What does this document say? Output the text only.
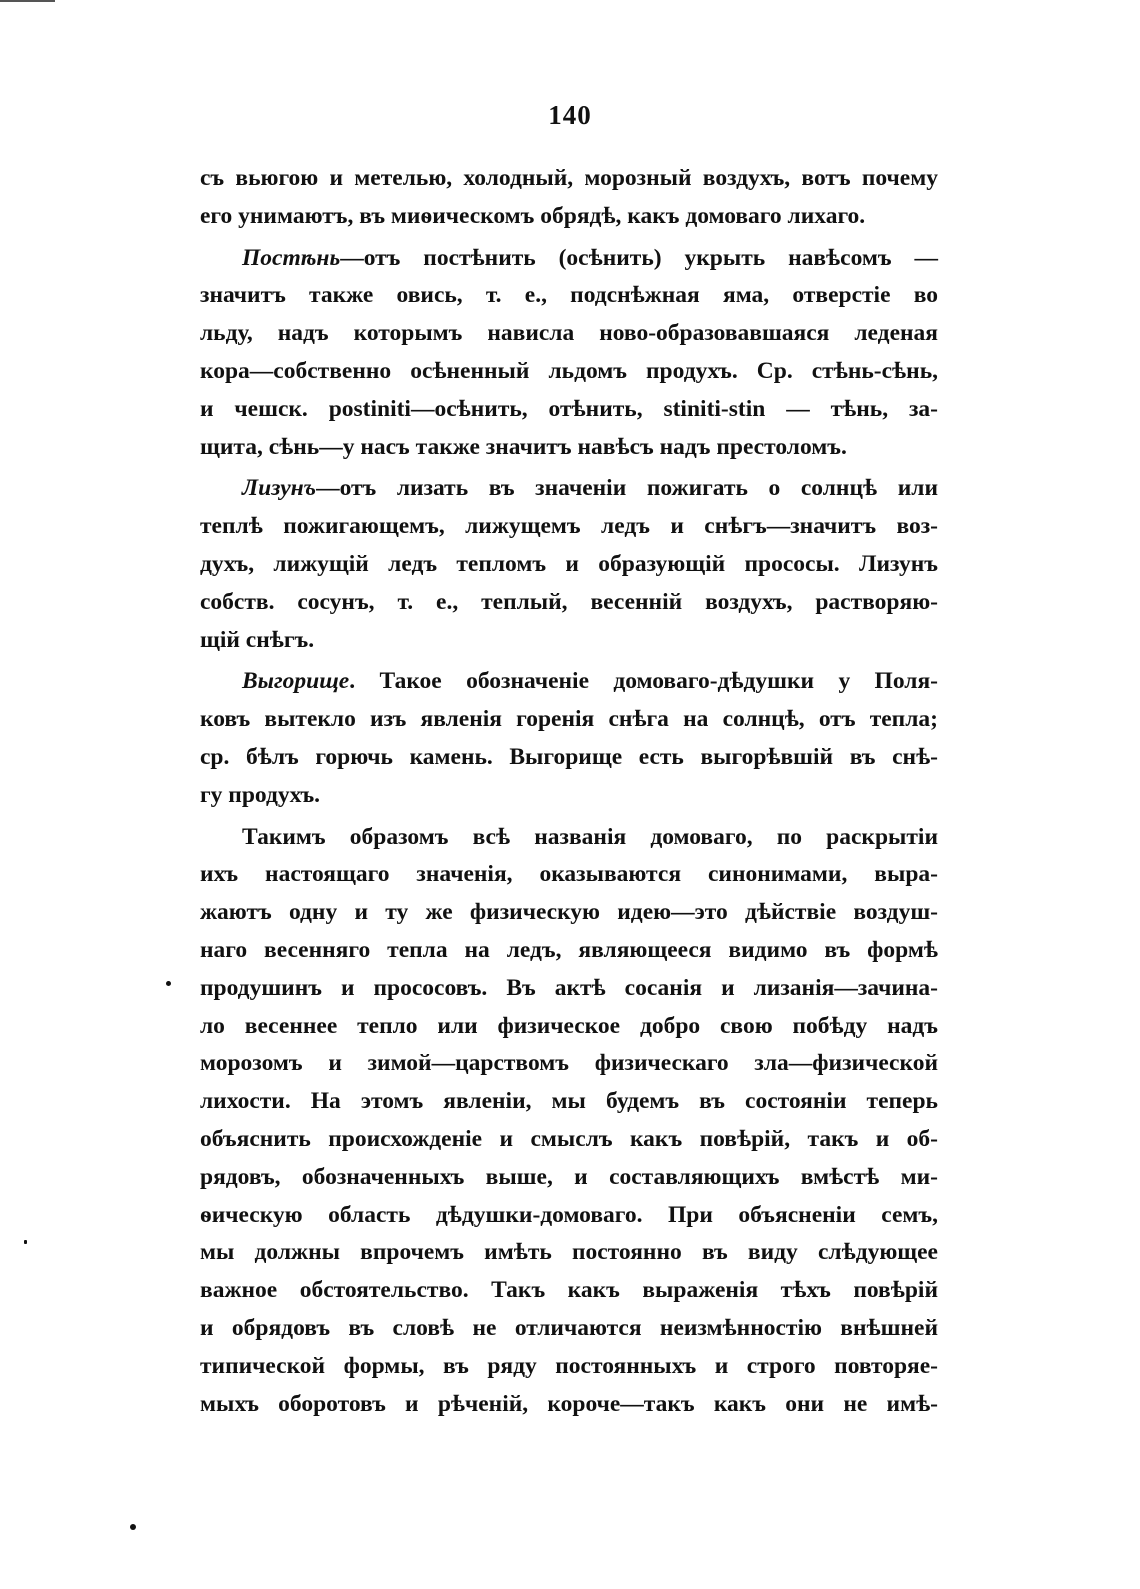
140
съ вьюгою и метелью, холодный, морозный воздухъ, вотъ почему
его унимаютъ, въ миѳическомъ обрядѣ, какъ домоваго лихаго.
Постѣнь—отъ постѣнить (осѣнить) укрыть навѣсомъ —
значитъ также овись, т. е., подснѣжная яма, отверстіе во
льду, надъ которымъ нависла ново-образовавшаяся леденая
кора—собственно осѣненный льдомъ продухъ. Ср. стѣнь-сѣнь,
и чешск. postiniti—осѣнить, отѣнить, stiniti-stin — тѣнь, за-
щита, сѣнь—у насъ также значитъ навѣсъ надъ престоломъ.
Лизунъ—отъ лизать въ значеніи пожигать о солнцѣ или
теплѣ пожигающемъ, лижущемъ ледъ и снѣгъ—значитъ воз-
духъ, лижущій ледъ тепломъ и образующій прососы. Лизунъ
собств. сосунъ, т. е., теплый, весенній воздухъ, растворяю-
щій снѣгъ.
Выгорище. Такое обозначеніе домоваго-дѣдушки у Поля-
ковъ вытекло изъ явленія горенія снѣга на солнцѣ, отъ тепла;
ср. бѣлъ горючь камень. Выгорище есть выгорѣвшій въ снѣ-
гу продухъ.
Такимъ образомъ всѣ названія домоваго, по раскрытіи
ихъ настоящаго значенія, оказываются синонимами, выра-
жаютъ одну и ту же физическую идею—это дѣйствіе воздуш-
наго весенняго тепла на ледъ, являющееся видимо въ формѣ
продушинъ и прососовъ. Въ актѣ сосанія и лизанія—зачина-
ло весеннее тепло или физическое добро свою побѣду надъ
морозомъ и зимой—царствомъ физическаго зла—физической
лихости. На этомъ явленіи, мы будемъ въ состояніи теперь
объяснить происхожденіе и смыслъ какъ повѣрій, такъ и об-
рядовъ, обозначенныхъ выше, и составляющихъ вмѣстѣ ми-
ѳическую область дѣдушки-домоваго. При объясненіи семъ,
мы должны впрочемъ имѣть постоянно въ виду слѣдующее
важное обстоятельство. Такъ какъ выраженія тѣхъ повѣрій
и обрядовъ въ словѣ не отличаются неизмѣнностію внѣшней
типической формы, въ ряду постоянныхъ и строго повторяе-
мыхъ оборотовъ и рѣченій, короче—такъ какъ они не имѣ-
